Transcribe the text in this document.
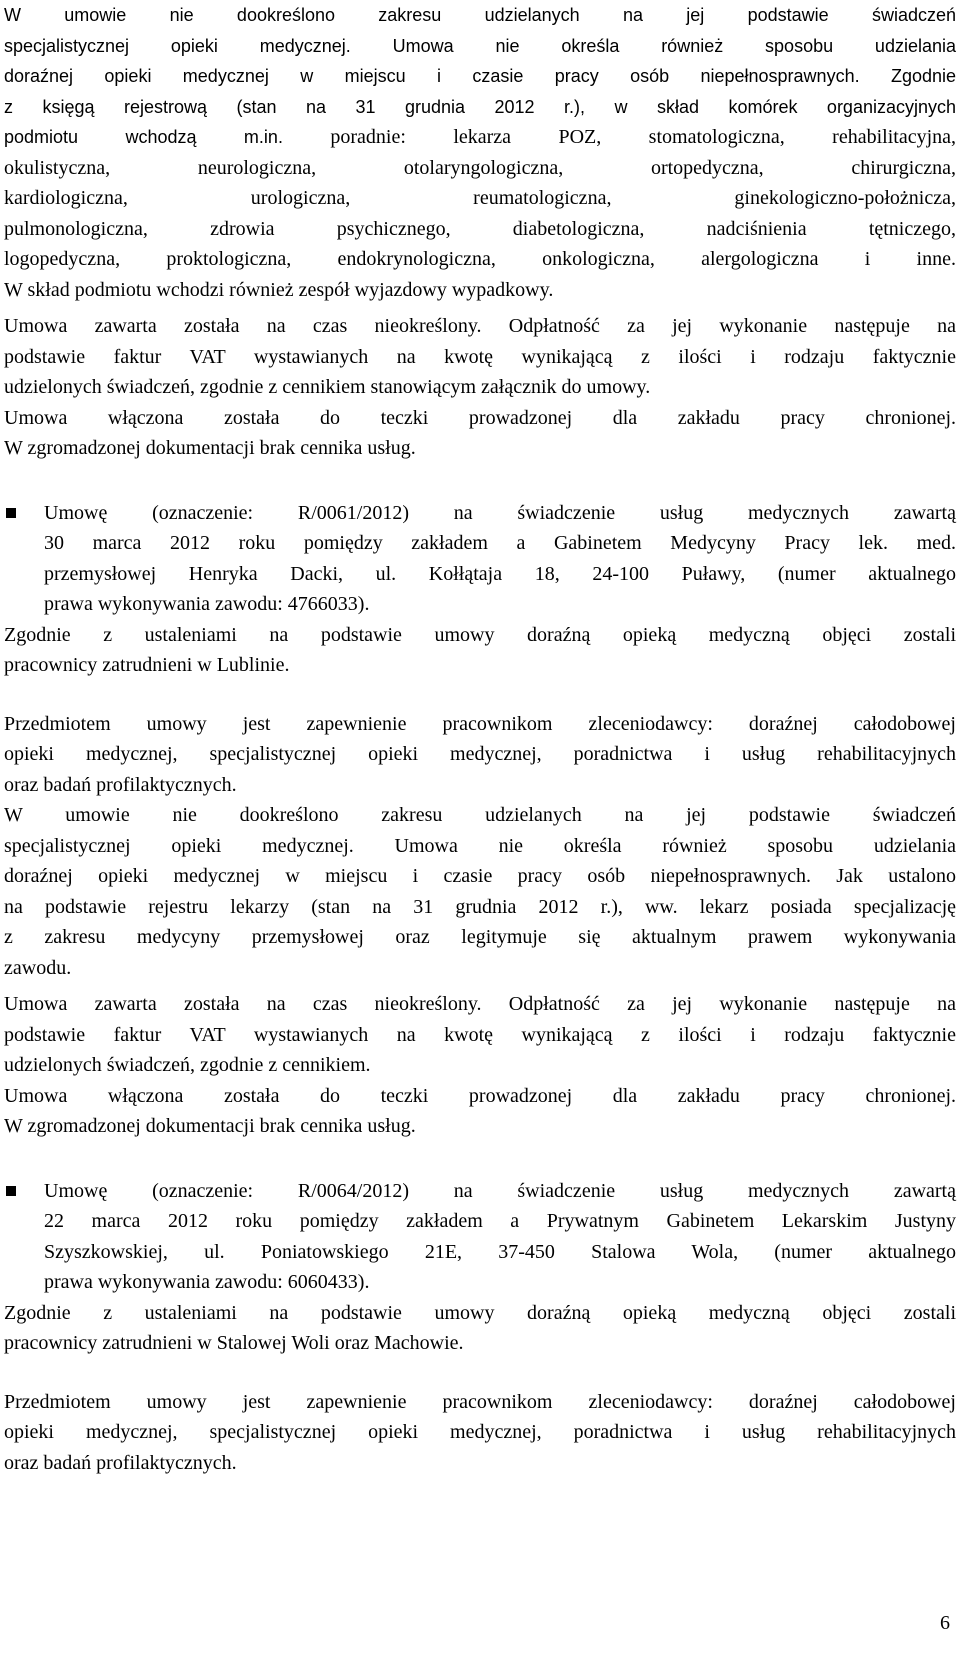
W umowie nie dookreślono zakresu udzielanych na jej podstawie świadczeń
specjalistycznej opieki medycznej. Umowa nie określa również sposobu udzielania
doraźnej opieki medycznej w miejscu i czasie pracy osób niepełnosprawnych. Zgodnie
z księgą rejestrową (stan na 31 grudnia 2012 r.), w skład komórek organizacyjnych
podmiotu wchodzą m.in. poradnie: lekarza POZ, stomatologiczna, rehabilitacyjna,
okulistyczna, neurologiczna, otolaryngologiczna, ortopedyczna, chirurgiczna,
kardiologiczna, urologiczna, reumatologiczna, ginekologiczno-położnicza,
pulmonologiczna, zdrowia psychicznego, diabetologiczna, nadciśnienia tętniczego,
logopedyczna, proktologiczna, endokrynologiczna, onkologiczna, alergologiczna i inne.
W skład podmiotu wchodzi również zespół wyjazdowy wypadkowy.
Umowa zawarta została na czas nieokreślony. Odpłatność za jej wykonanie następuje na
podstawie faktur VAT wystawianych na kwotę wynikającą z ilości i rodzaju faktycznie
udzielonych świadczeń, zgodnie z cennikiem stanowiącym załącznik do umowy.
Umowa włączona została do teczki prowadzonej dla zakładu pracy chronionej.
W zgromadzonej dokumentacji brak cennika usług.
Umowę (oznaczenie: R/0061/2012) na świadczenie usług medycznych zawartą
30 marca 2012 roku pomiędzy zakładem a Gabinetem Medycyny Pracy lek. med.
przemysłowej Henryka Dacki, ul. Kołłątaja 18, 24-100 Puławy, (numer aktualnego
prawa wykonywania zawodu: 4766033).
Zgodnie z ustaleniami na podstawie umowy doraźną opieką medyczną objęci zostali
pracownicy zatrudnieni w Lublinie.
Przedmiotem umowy jest zapewnienie pracownikom zleceniodawcy: doraźnej całodobowej
opieki medycznej, specjalistycznej opieki medycznej, poradnictwa i usług rehabilitacyjnych
oraz badań profilaktycznych.
W umowie nie dookreślono zakresu udzielanych na jej podstawie świadczeń
specjalistycznej opieki medycznej. Umowa nie określa również sposobu udzielania
doraźnej opieki medycznej w miejscu i czasie pracy osób niepełnosprawnych. Jak ustalono
na podstawie rejestru lekarzy (stan na 31 grudnia 2012 r.), ww. lekarz posiada specjalizację
z zakresu medycyny przemysłowej oraz legitymuje się aktualnym prawem wykonywania
zawodu.
Umowa zawarta została na czas nieokreślony. Odpłatność za jej wykonanie następuje na
podstawie faktur VAT wystawianych na kwotę wynikającą z ilości i rodzaju faktycznie
udzielonych świadczeń, zgodnie z cennikiem.
Umowa włączona została do teczki prowadzonej dla zakładu pracy chronionej.
W zgromadzonej dokumentacji brak cennika usług.
Umowę (oznaczenie: R/0064/2012) na świadczenie usług medycznych zawartą
22 marca 2012 roku pomiędzy zakładem a Prywatnym Gabinetem Lekarskim Justyny
Szyszkowskiej, ul. Poniatowskiego 21E, 37-450 Stalowa Wola, (numer aktualnego
prawa wykonywania zawodu: 6060433).
Zgodnie z ustaleniami na podstawie umowy doraźną opieką medyczną objęci zostali
pracownicy zatrudnieni w Stalowej Woli oraz Machowie.
Przedmiotem umowy jest zapewnienie pracownikom zleceniodawcy: doraźnej całodobowej
opieki medycznej, specjalistycznej opieki medycznej, poradnictwa i usług rehabilitacyjnych
oraz badań profilaktycznych.
6
